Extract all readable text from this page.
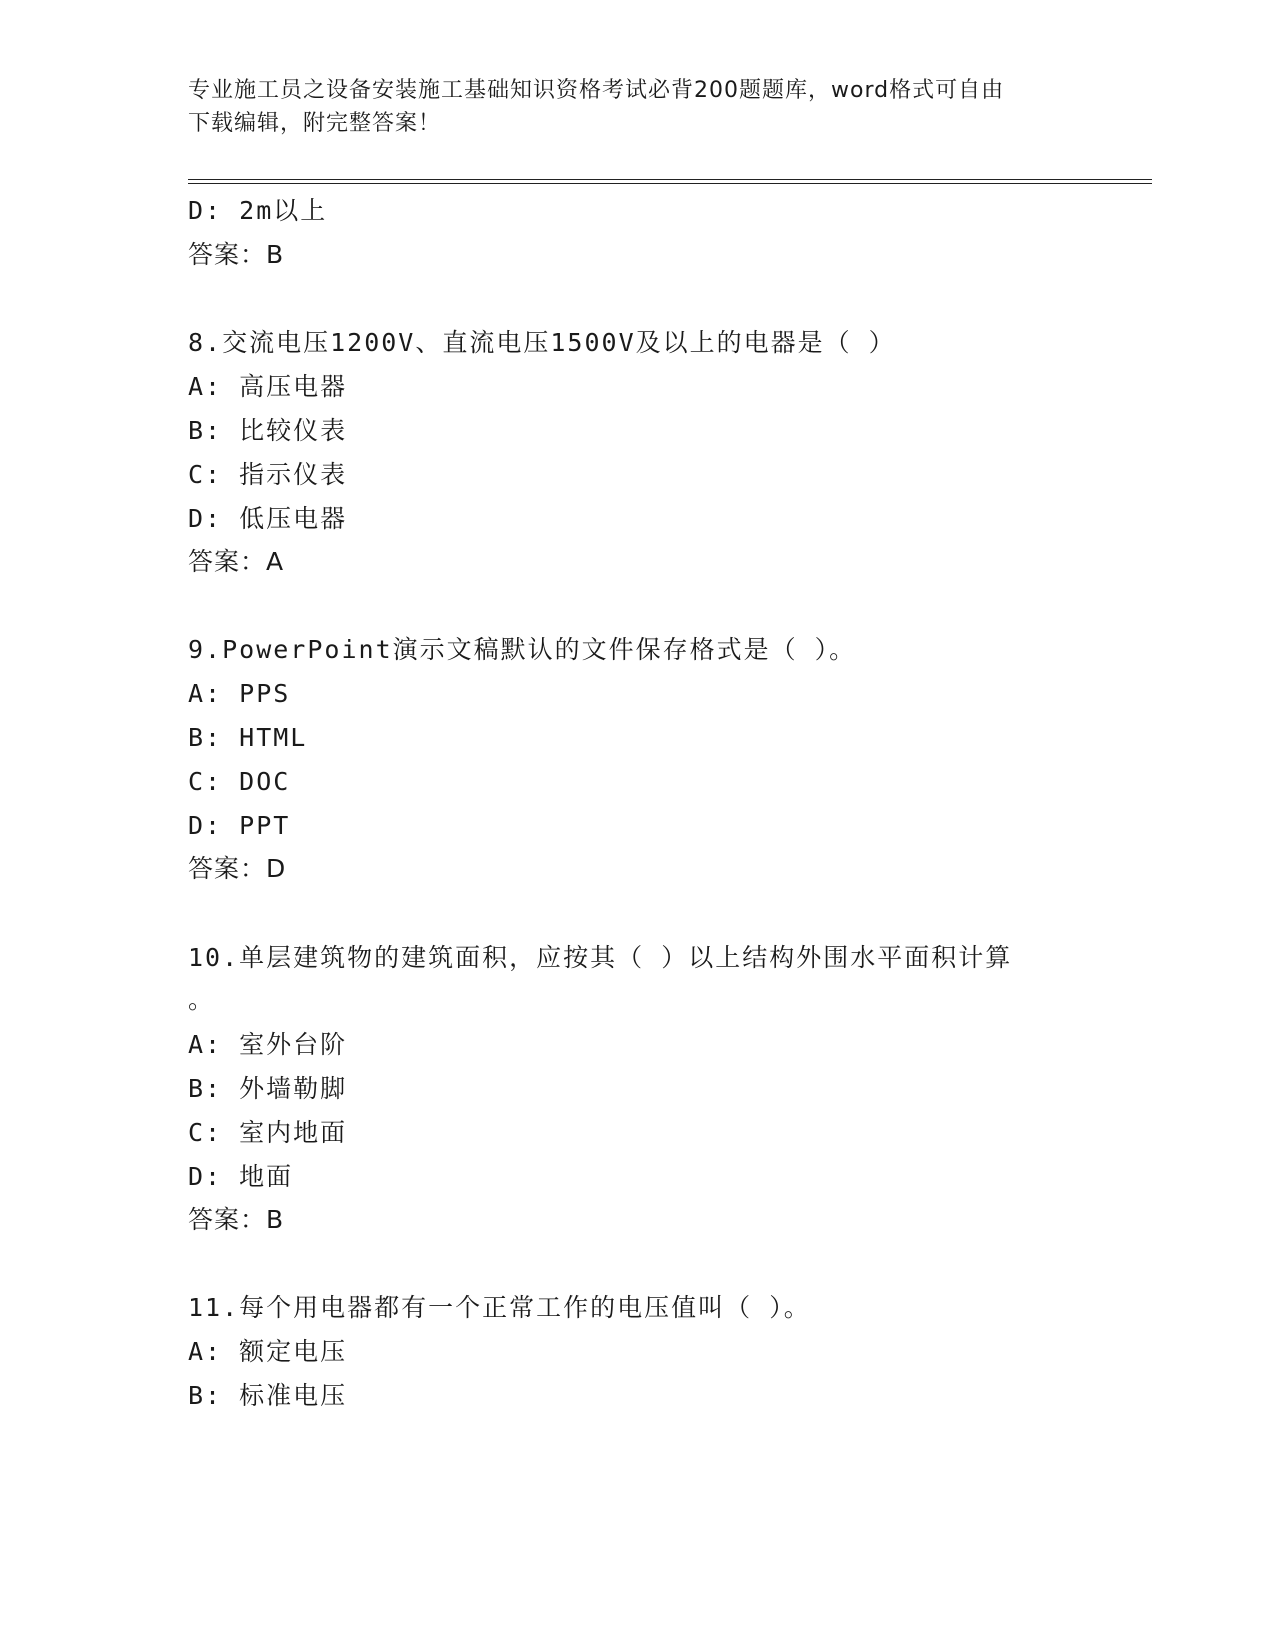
专业施工员之设备安装施工基础知识资格考试必背200题题库，word格式可自由
下载编辑，附完整答案！
D: 2m以上
答案：B
8.交流电压1200V、直流电压1500V及以上的电器是（ ）
A: 高压电器
B: 比较仪表
C: 指示仪表
D: 低压电器
答案：A
9.PowerPoint演示文稿默认的文件保存格式是（ ）。
A: PPS
B: HTML
C: DOC
D: PPT
答案：D
10.单层建筑物的建筑面积，应按其（ ）以上结构外围水平面积计算
。
A: 室外台阶
B: 外墙勒脚
C: 室内地面
D: 地面
答案：B
11.每个用电器都有一个正常工作的电压值叫（ ）。
A: 额定电压
B: 标准电压
